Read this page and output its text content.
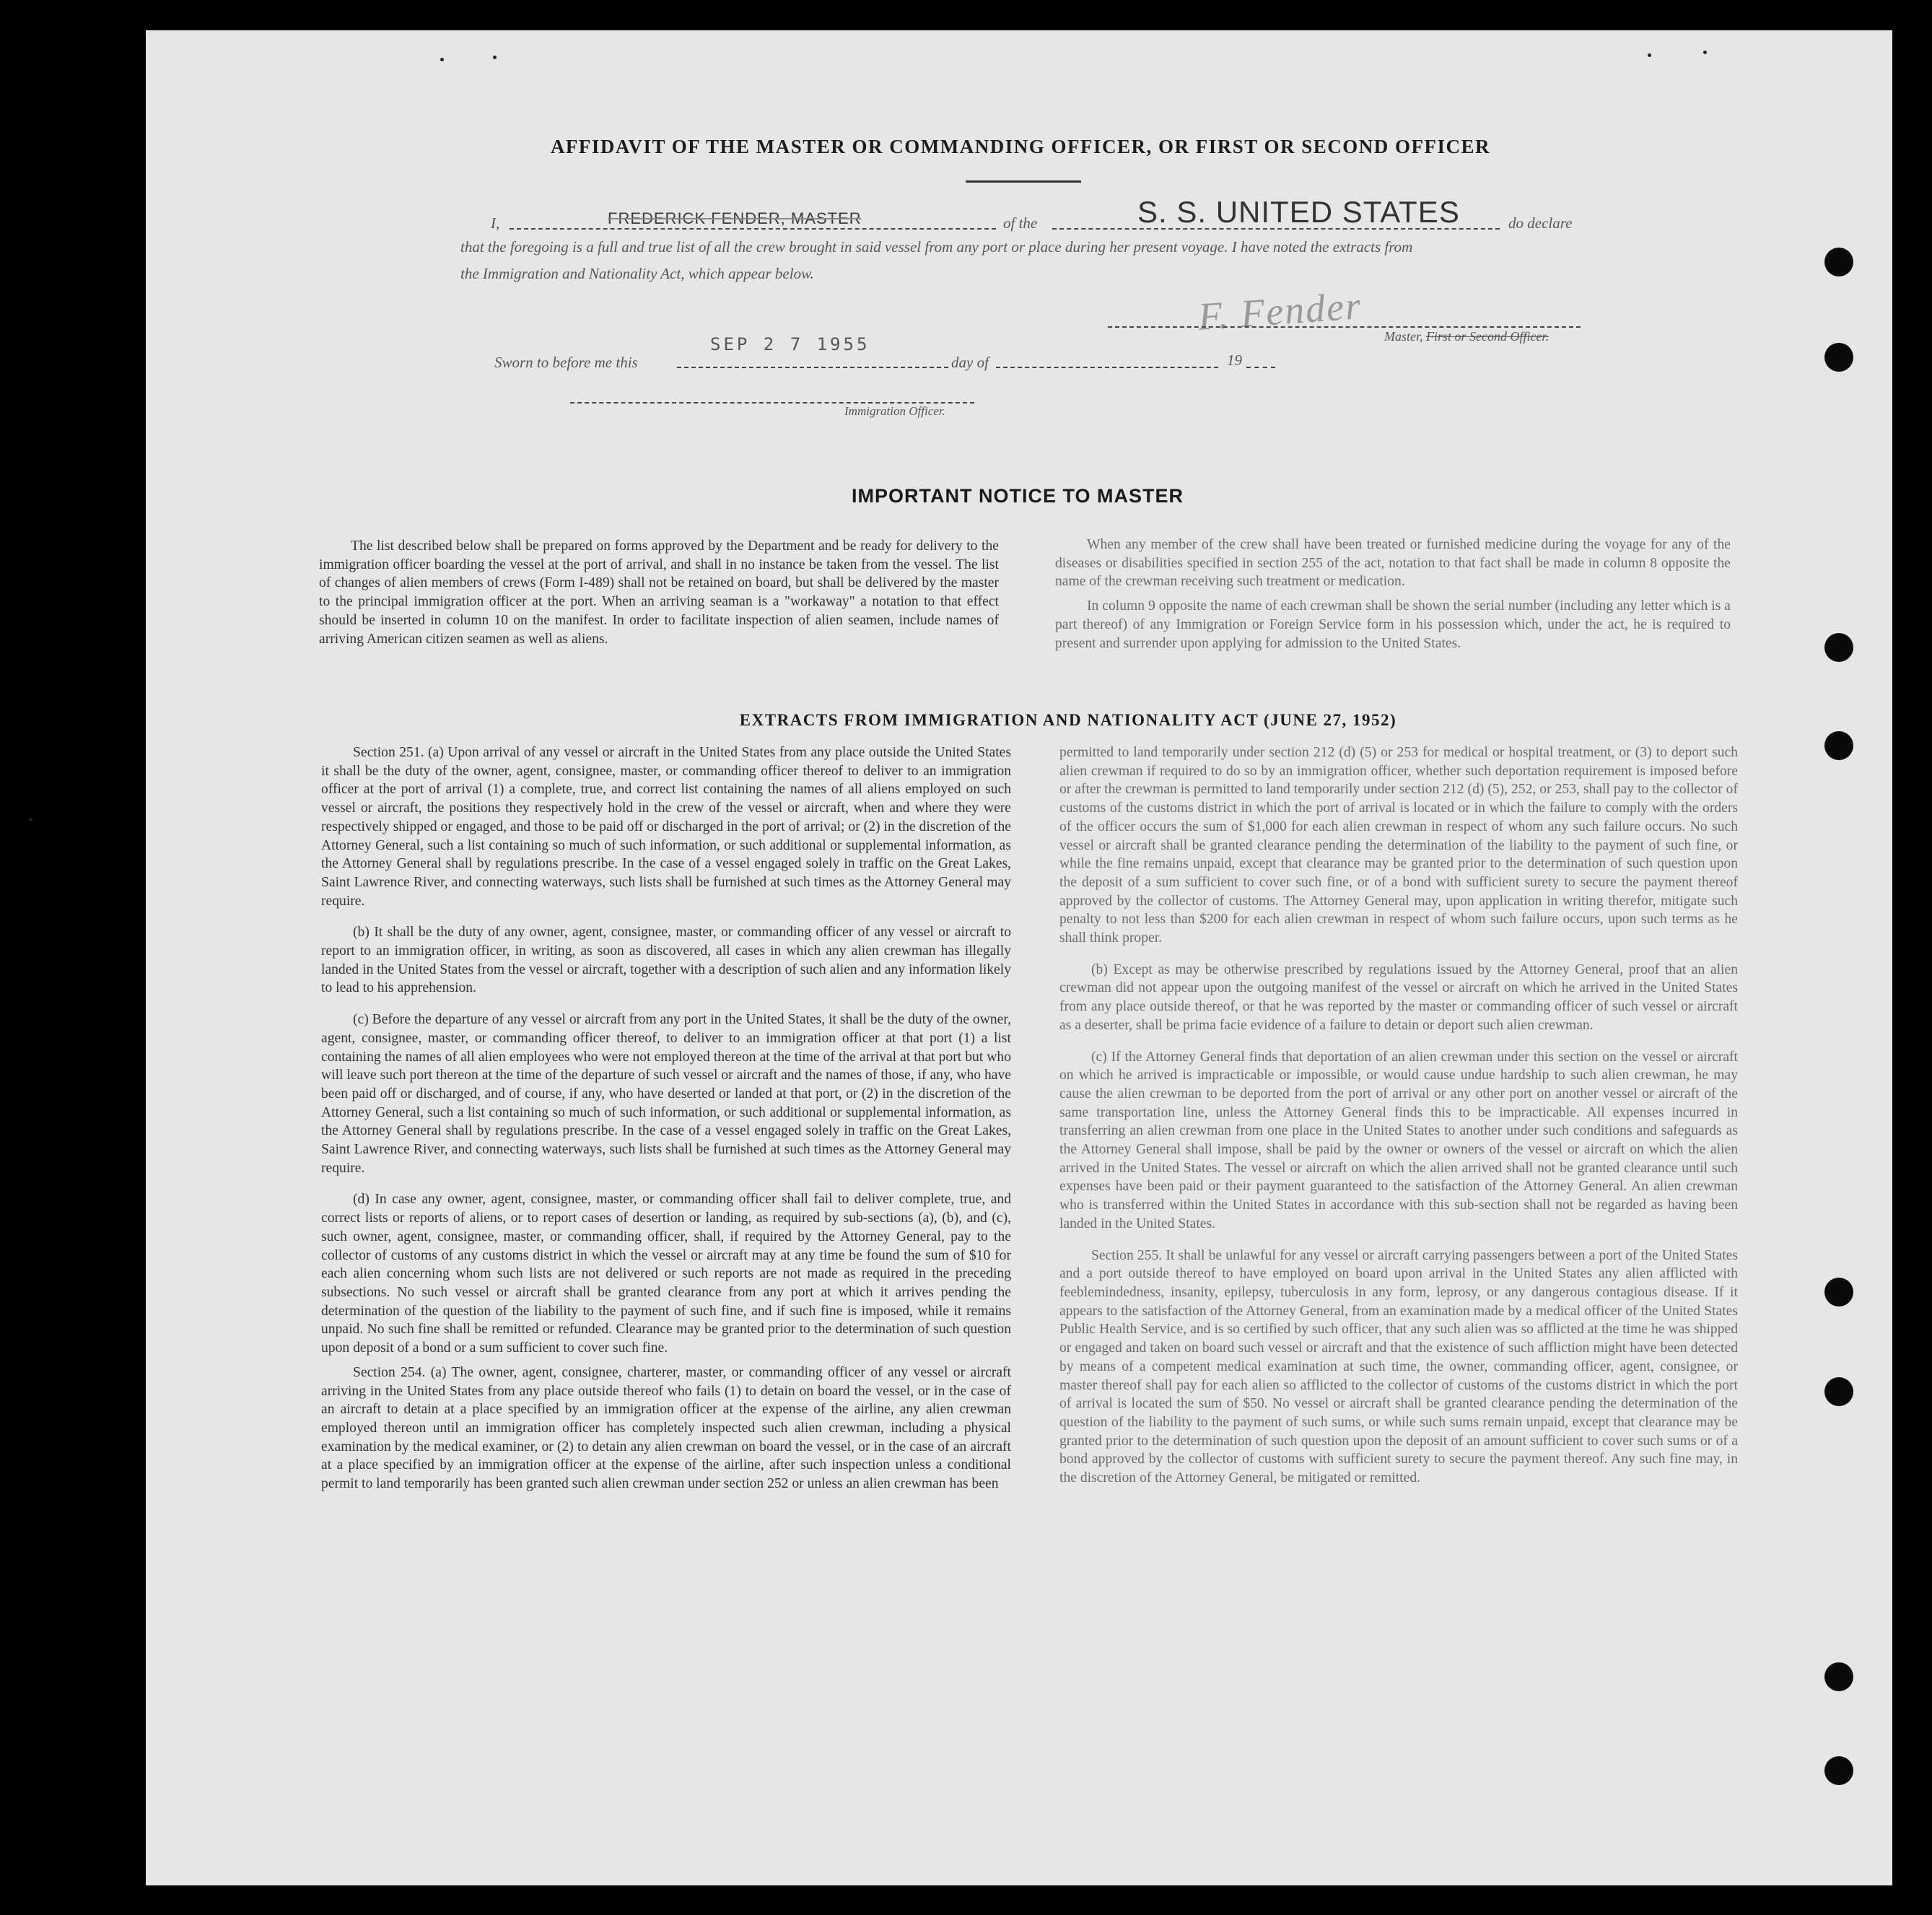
AFFIDAVIT OF THE MASTER OR COMMANDING OFFICER, OR FIRST OR SECOND OFFICER
I,	FREDERICK FENDER, MASTER	of the	S. S. UNITED STATES	do declare
that the foregoing is a full and true list of all the crew brought in said vessel from any port or place during her present voyage. I have noted the extracts from
the Immigration and Nationality Act, which appear below.
F. Fender Master, First or Second Officer.
Sworn to before me this
SEP 2 7 1955
day of	19
Immigration Officer.
IMPORTANT NOTICE TO MASTER

The list described below shall be prepared on forms approved by the Department and be ready for delivery to the immigration officer boarding the vessel at the port of arrival, and shall in no instance be taken from the vessel. The list of changes of alien members of crews (Form I-489) shall not be retained on board, but shall be delivered by the master to the principal immigration officer at the port. When an arriving seaman is a "workaway" a notation to that effect should be inserted in column 10 on the manifest. In order to facilitate inspection of alien seamen, include names of arriving American citizen seamen as well as aliens.

When any member of the crew shall have been treated or furnished medicine during the voyage for any of the diseases or disabilities specified in section 255 of the act, notation to that fact shall be made in column 8 opposite the name of the crewman receiving such treatment or medication.

In column 9 opposite the name of each crewman shall be shown the serial number (including any letter which is a part thereof) of any Immigration or Foreign Service form in his possession which, under the act, he is required to present and surrender upon applying for admission to the United States.

EXTRACTS FROM IMMIGRATION AND NATIONALITY ACT (JUNE 27, 1952)

Section 251. (a) Upon arrival of any vessel or aircraft in the United States from any place outside the United States it shall be the duty of the owner, agent, consignee, master, or commanding officer thereof to deliver to an immigration officer at the port of arrival (1) a complete, true, and correct list containing the names of all aliens employed on such vessel or aircraft, the positions they respectively hold in the crew of the vessel or aircraft, when and where they were respectively shipped or engaged, and those to be paid off or discharged in the port of arrival; or (2) in the discretion of the Attorney General, such a list containing so much of such information, or such additional or supplemental information, as the Attorney General shall by regulations prescribe. In the case of a vessel engaged solely in traffic on the Great Lakes, Saint Lawrence River, and connecting waterways, such lists shall be furnished at such times as the Attorney General may require.

(b) It shall be the duty of any owner, agent, consignee, master, or commanding officer of any vessel or aircraft to report to an immigration officer, in writing, as soon as discovered, all cases in which any alien crewman has illegally landed in the United States from the vessel or aircraft, together with a description of such alien and any information likely to lead to his apprehension.

(c) Before the departure of any vessel or aircraft from any port in the United States, it shall be the duty of the owner, agent, consignee, master, or commanding officer thereof, to deliver to an immigration officer at that port (1) a list containing the names of all alien employees who were not employed thereon at the time of the arrival at that port but who will leave such port thereon at the time of the departure of such vessel or aircraft and the names of those, if any, who have been paid off or discharged, and of course, if any, who have deserted or landed at that port, or (2) in the discretion of the Attorney General, such a list containing so much of such information, or such additional or supplemental information, as the Attorney General shall by regulations prescribe. In the case of a vessel engaged solely in traffic on the Great Lakes, Saint Lawrence River, and connecting waterways, such lists shall be furnished at such times as the Attorney General may require.

(d) In case any owner, agent, consignee, master, or commanding officer shall fail to deliver complete, true, and correct lists or reports of aliens, or to report cases of desertion or landing, as required by sub-sections (a), (b), and (c), such owner, agent, consignee, master, or commanding officer, shall, if required by the Attorney General, pay to the collector of customs of any customs district in which the vessel or aircraft may at any time be found the sum of $10 for each alien concerning whom such lists are not delivered or such reports are not made as required in the preceding subsections. No such vessel or aircraft shall be granted clearance from any port at which it arrives pending the determination of the question of the liability to the payment of such fine, and if such fine is imposed, while it remains unpaid. No such fine shall be remitted or refunded. Clearance may be granted prior to the determination of such question upon deposit of a bond or a sum sufficient to cover such fine.

Section 254. (a) The owner, agent, consignee, charterer, master, or commanding officer of any vessel or aircraft arriving in the United States from any place outside thereof who fails (1) to detain on board the vessel, or in the case of an aircraft to detain at a place specified by an immigration officer at the expense of the airline, any alien crewman employed thereon until an immigration officer has completely inspected such alien crewman, including a physical examination by the medical examiner, or (2) to detain any alien crewman on board the vessel, or in the case of an aircraft at a place specified by an immigration officer at the expense of the airline, after such inspection unless a conditional permit to land temporarily has been granted such alien crewman under section 252 or unless an alien crewman has been

permitted to land temporarily under section 212 (d) (5) or 253 for medical or hospital treatment, or (3) to deport such alien crewman if required to do so by an immigration officer, whether such deportation requirement is imposed before or after the crewman is permitted to land temporarily under section 212 (d) (5), 252, or 253, shall pay to the collector of customs of the customs district in which the port of arrival is located or in which the failure to comply with the orders of the officer occurs the sum of $1,000 for each alien crewman in respect of whom any such failure occurs. No such vessel or aircraft shall be granted clearance pending the determination of the liability to the payment of such fine, or while the fine remains unpaid, except that clearance may be granted prior to the determination of such question upon the deposit of a sum sufficient to cover such fine, or of a bond with sufficient surety to secure the payment thereof approved by the collector of customs. The Attorney General may, upon application in writing therefor, mitigate such penalty to not less than $200 for each alien crewman in respect of whom such failure occurs, upon such terms as he shall think proper.

(b) Except as may be otherwise prescribed by regulations issued by the Attorney General, proof that an alien crewman did not appear upon the outgoing manifest of the vessel or aircraft on which he arrived in the United States from any place outside thereof, or that he was reported by the master or commanding officer of such vessel or aircraft as a deserter, shall be prima facie evidence of a failure to detain or deport such alien crewman.

(c) If the Attorney General finds that deportation of an alien crewman under this section on the vessel or aircraft on which he arrived is impracticable or impossible, or would cause undue hardship to such alien crewman, he may cause the alien crewman to be deported from the port of arrival or any other port on another vessel or aircraft of the same transportation line, unless the Attorney General finds this to be impracticable. All expenses incurred in transferring an alien crewman from one place in the United States to another under such conditions and safeguards as the Attorney General shall impose, shall be paid by the owner or owners of the vessel or aircraft on which the alien arrived in the United States. The vessel or aircraft on which the alien arrived shall not be granted clearance until such expenses have been paid or their payment guaranteed to the satisfaction of the Attorney General. An alien crewman who is transferred within the United States in accordance with this sub-section shall not be regarded as having been landed in the United States.

Section 255. It shall be unlawful for any vessel or aircraft carrying passengers between a port of the United States and a port outside thereof to have employed on board upon arrival in the United States any alien afflicted with feeblemindedness, insanity, epilepsy, tuberculosis in any form, leprosy, or any dangerous contagious disease. If it appears to the satisfaction of the Attorney General, from an examination made by a medical officer of the United States Public Health Service, and is so certified by such officer, that any such alien was so afflicted at the time he was shipped or engaged and taken on board such vessel or aircraft and that the existence of such affliction might have been detected by means of a competent medical examination at such time, the owner, commanding officer, agent, consignee, or master thereof shall pay for each alien so afflicted to the collector of customs of the customs district in which the port of arrival is located the sum of $50. No vessel or aircraft shall be granted clearance pending the determination of the question of the liability to the payment of such sums, or while such sums remain unpaid, except that clearance may be granted prior to the determination of such question upon the deposit of an amount sufficient to cover such sums or of a bond approved by the collector of customs with sufficient surety to secure the payment thereof. Any such fine may, in the discretion of the Attorney General, be mitigated or remitted.
